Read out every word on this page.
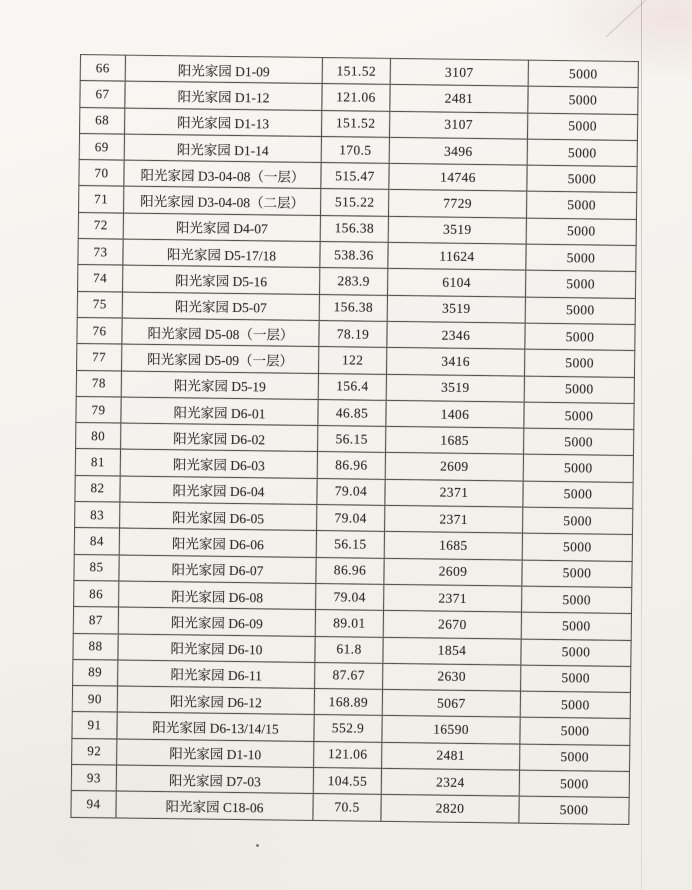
66	阳光家园 D1-09	151.52	3107	5000
67	阳光家园 D1-12	121.06	2481	5000
68	阳光家园 D1-13	151.52	3107	5000
69	阳光家园 D1-14	170.5	3496	5000
70	阳光家园 D3-04-08（一层）	515.47	14746	5000
71	阳光家园 D3-04-08（二层）	515.22	7729	5000
72	阳光家园 D4-07	156.38	3519	5000
73	阳光家园 D5-17/18	538.36	11624	5000
74	阳光家园 D5-16	283.9	6104	5000
75	阳光家园 D5-07	156.38	3519	5000
76	阳光家园 D5-08（一层）	78.19	2346	5000
77	阳光家园 D5-09（一层）	122	3416	5000
78	阳光家园 D5-19	156.4	3519	5000
79	阳光家园 D6-01	46.85	1406	5000
80	阳光家园 D6-02	56.15	1685	5000
81	阳光家园 D6-03	86.96	2609	5000
82	阳光家园 D6-04	79.04	2371	5000
83	阳光家园 D6-05	79.04	2371	5000
84	阳光家园 D6-06	56.15	1685	5000
85	阳光家园 D6-07	86.96	2609	5000
86	阳光家园 D6-08	79.04	2371	5000
87	阳光家园 D6-09	89.01	2670	5000
88	阳光家园 D6-10	61.8	1854	5000
89	阳光家园 D6-11	87.67	2630	5000
90	阳光家园 D6-12	168.89	5067	5000
91	阳光家园 D6-13/14/15	552.9	16590	5000
92	阳光家园 D1-10	121.06	2481	5000
93	阳光家园 D7-03	104.55	2324	5000
94	阳光家园 C18-06	70.5	2820	5000
